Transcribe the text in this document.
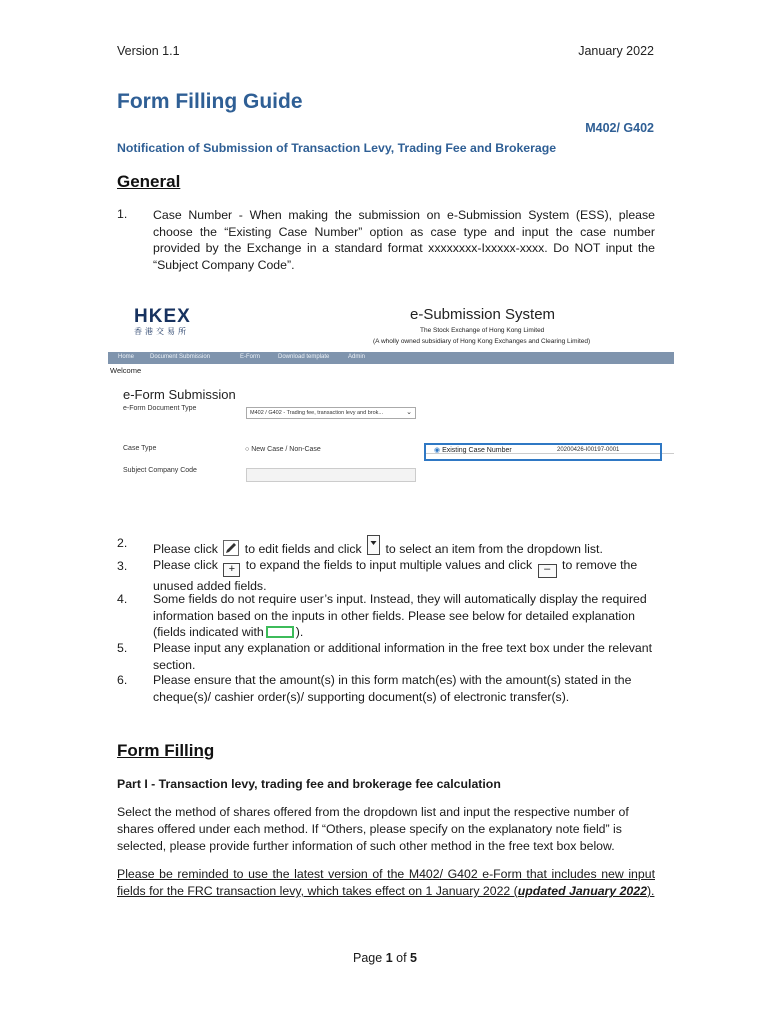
Version 1.1	January 2022
Form Filling Guide
M402/ G402
Notification of Submission of Transaction Levy, Trading Fee and Brokerage
General
1. Case Number - When making the submission on e-Submission System (ESS), please choose the “Existing Case Number” option as case type and input the case number provided by the Exchange in a standard format xxxxxxxx-Ixxxxx-xxxx. Do NOT input the “Subject Company Code”.
HKEX
香港交易所
e-Submission System
The Stock Exchange of Hong Kong Limited
(A wholly owned subsidiary of Hong Kong Exchanges and Clearing Limited)
Home	Document Submission	E-Form	Download template	Admin
Welcome
e-Form Submission
e-Form Document Type
M402 / G402 - Trading fee, transaction levy and brok...	⌄
Case Type	○ New Case / Non-Case	◉ Existing Case Number	20200426-I00197-0001
Subject Company Code
2. Please click to edit fields and click to select an item from the dropdown list.
3. Please click + to expand the fields to input multiple values and click – to remove the unused added fields.
4. Some fields do not require user’s input. Instead, they will automatically display the required information based on the inputs in other fields. Please see below for detailed explanation (fields indicated with	).
5. Please input any explanation or additional information in the free text box under the relevant section.
6. Please ensure that the amount(s) in this form match(es) with the amount(s) stated in the cheque(s)/ cashier order(s)/ supporting document(s) of electronic transfer(s).
Form Filling
Part I - Transaction levy, trading fee and brokerage fee calculation
Select the method of shares offered from the dropdown list and input the respective number of shares offered under each method. If “Others, please specify on the explanatory note field” is selected, please provide further information of such other method in the free text box below.
Please be reminded to use the latest version of the M402/ G402 e-Form that includes new input fields for the FRC transaction levy, which takes effect on 1 January 2022 (updated January 2022).
Page 1 of 5
